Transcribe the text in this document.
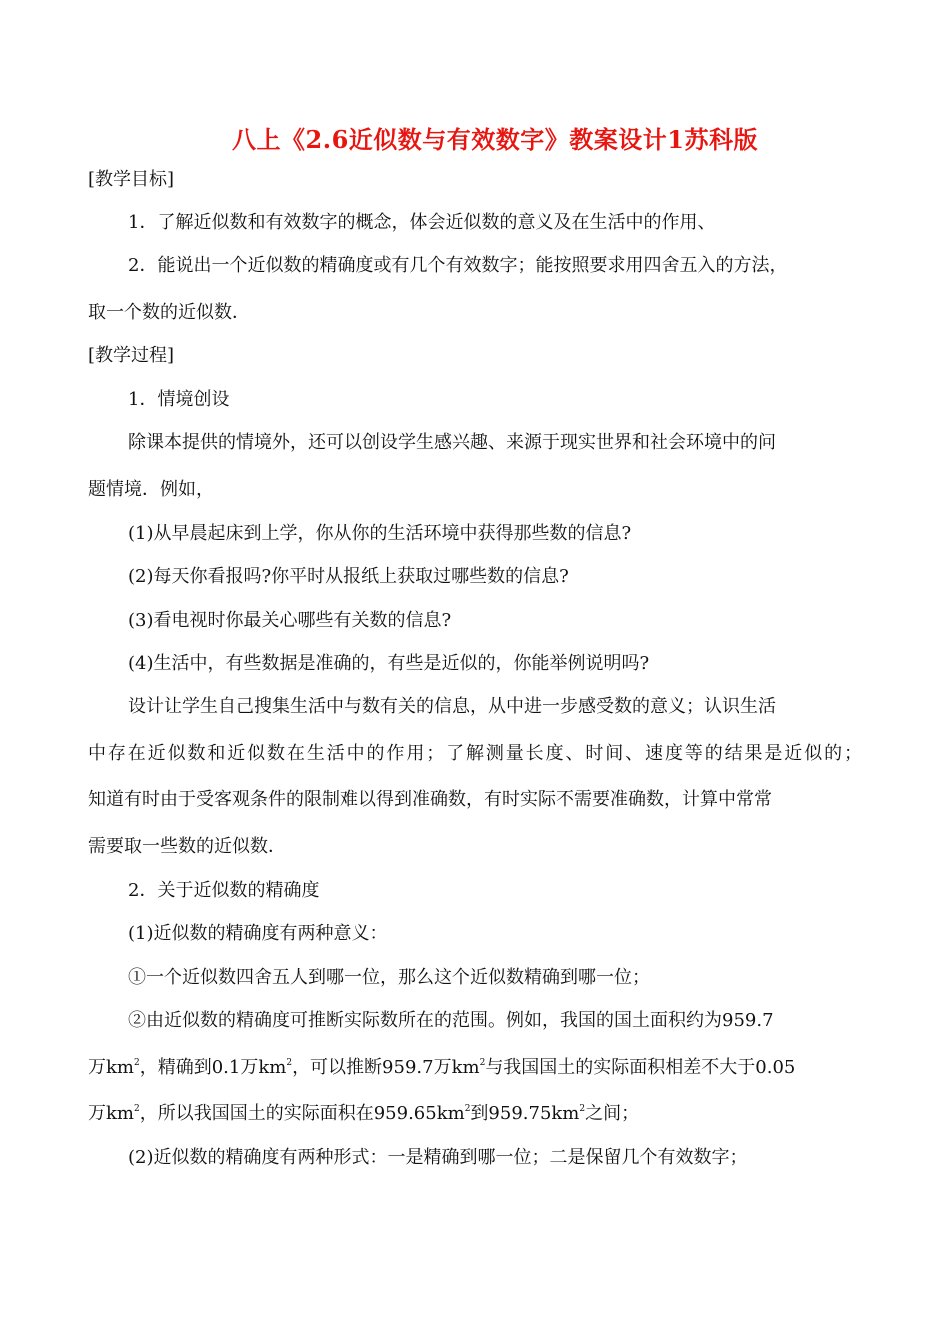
八上《2.6近似数与有效数字》教案设计1苏科版
[教学目标]
1．了解近似数和有效数字的概念，体会近似数的意义及在生活中的作用、
2．能说出一个近似数的精确度或有几个有效数字；能按照要求用四舍五入的方法，
取一个数的近似数．
[教学过程]
1．情境创设
除课本提供的情境外，还可以创设学生感兴趣、来源于现实世界和社会环境中的问
题情境．例如，
(1)从早晨起床到上学，你从你的生活环境中获得那些数的信息?
(2)每天你看报吗?你平时从报纸上获取过哪些数的信息?
(3)看电视时你最关心哪些有关数的信息?
(4)生活中，有些数据是准确的，有些是近似的，你能举例说明吗?
设计让学生自己搜集生活中与数有关的信息，从中进一步感受数的意义；认识生活
中存在近似数和近似数在生活中的作用；了解测量长度、时间、速度等的结果是近似的；
知道有时由于受客观条件的限制难以得到准确数，有时实际不需要准确数，计算中常常
需要取一些数的近似数．
2．关于近似数的精确度
(1)近似数的精确度有两种意义：
①一个近似数四舍五人到哪一位，那么这个近似数精确到哪一位；
②由近似数的精确度可推断实际数所在的范围。例如，我国的国土面积约为959.7
万$km^2$，精确到0.1万$km^2$，可以推断959.7万$km^2$与我国国土的实际面积相差不大于0.05
万$km^2$，所以我国国土的实际面积在$959.65km^2$到$959.75km^2$之间；
(2)近似数的精确度有两种形式：一是精确到哪一位；二是保留几个有效数字；
